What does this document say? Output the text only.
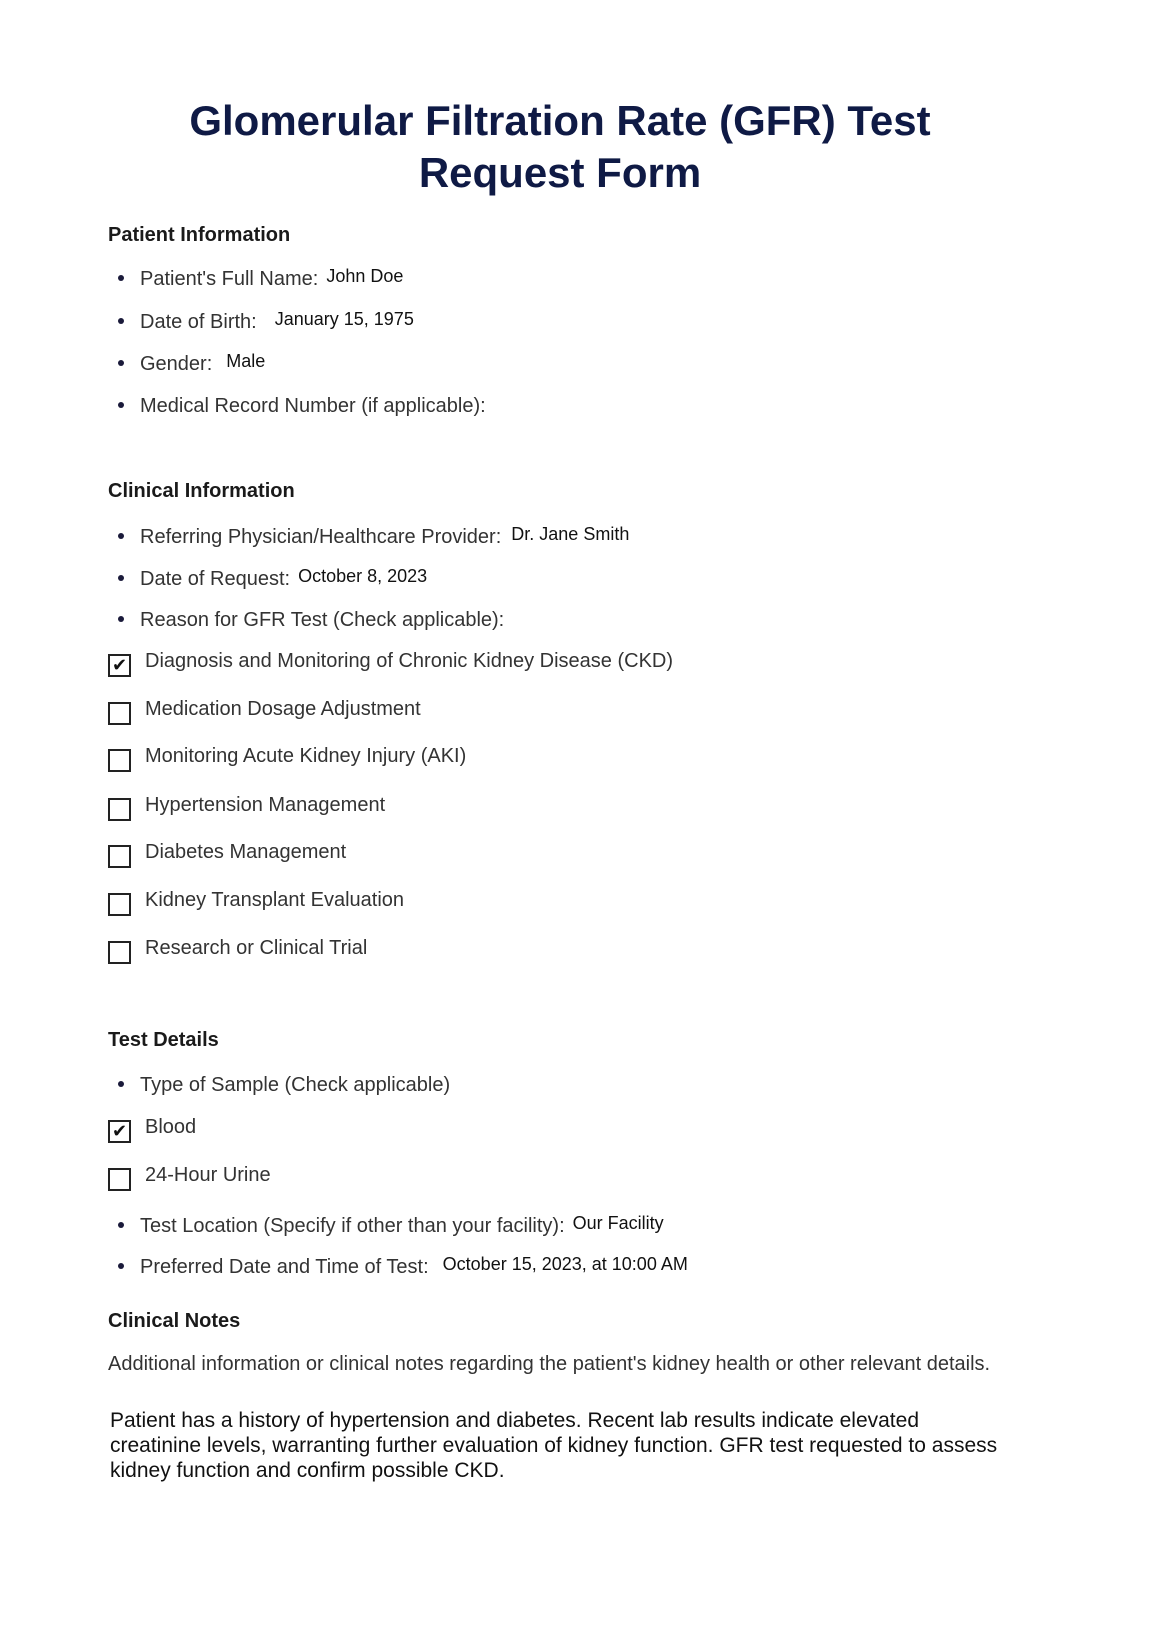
Glomerular Filtration Rate (GFR) Test
Request Form
Patient Information
Patient's Full Name: John Doe
Date of Birth: January 15, 1975
Gender: Male
Medical Record Number (if applicable):
Clinical Information
Referring Physician/Healthcare Provider: Dr. Jane Smith
Date of Request: October 8, 2023
Reason for GFR Test (Check applicable):
✔ Diagnosis and Monitoring of Chronic Kidney Disease (CKD)
Medication Dosage Adjustment
Monitoring Acute Kidney Injury (AKI)
Hypertension Management
Diabetes Management
Kidney Transplant Evaluation
Research or Clinical Trial
Test Details
Type of Sample (Check applicable)
✔ Blood
24-Hour Urine
Test Location (Specify if other than your facility): Our Facility
Preferred Date and Time of Test: October 15, 2023, at 10:00 AM
Clinical Notes
Additional information or clinical notes regarding the patient's kidney health or other relevant details.
Patient has a history of hypertension and diabetes. Recent lab results indicate elevated creatinine levels, warranting further evaluation of kidney function. GFR test requested to assess kidney function and confirm possible CKD.
